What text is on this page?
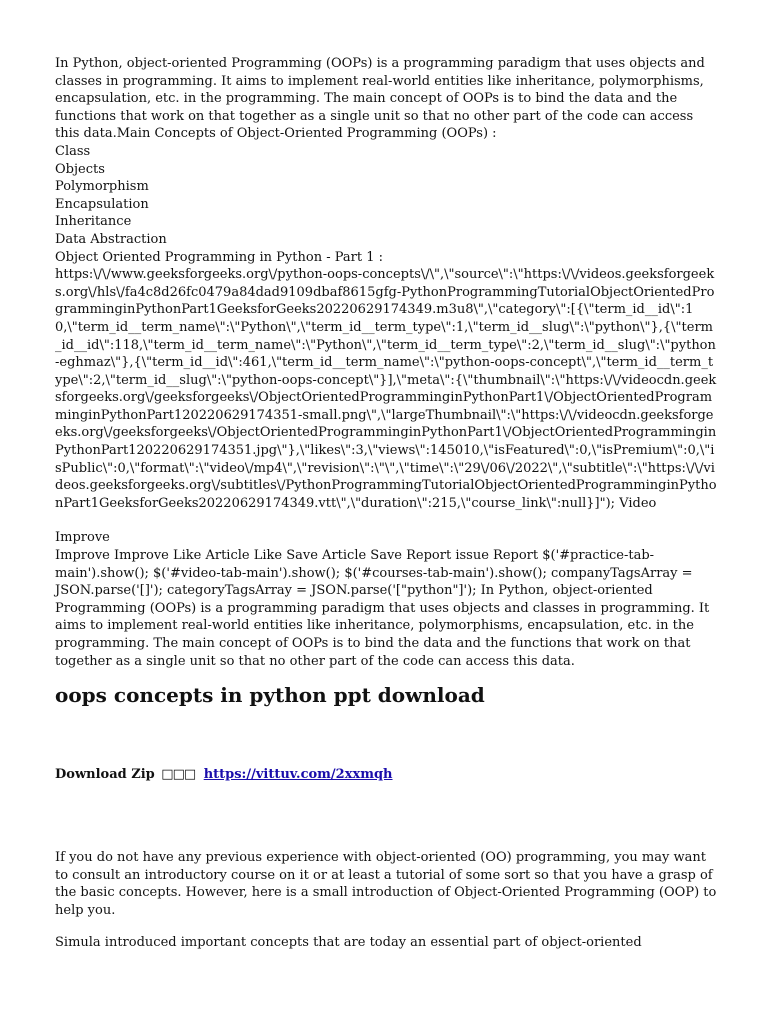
In Python, object-oriented Programming (OOPs) is a programming paradigm that uses objects and classes in programming. It aims to implement real-world entities like inheritance, polymorphisms, encapsulation, etc. in the programming. The main concept of OOPs is to bind the data and the functions that work on that together as a single unit so that no other part of the code can access this data.Main Concepts of Object-Oriented Programming (OOPs) :

Class
Objects
Polymorphism
Encapsulation
Inheritance
Data Abstraction

Object Oriented Programming in Python - Part 1 :

https:\/\/www.geeksforgeeks.org\/python-oops-concepts\/\",\"source\":\"https:\/\/videos.geeksforgeeks.org\/hls\/fa4c8d26fc0479a84dad9109dbaf8615gfg-PythonProgrammingTutorialObjectOrientedProgramminginPythonPart1GeeksforGeeks20220629174349.m3u8\",\"category\":[{\"term_id__id\":10,\"term_id__term_name\":\"Python\",\"term_id__term_type\":1,\"term_id__slug\":\"python\"},{\"term_id__id\":118,\"term_id__term_name\":\"Python\",\"term_id__term_type\":2,\"term_id__slug\":\"python-eghmaz\"},{\"term_id__id\":461,\"term_id__term_name\":\"python-oops-concept\",\"term_id__term_type\":2,\"term_id__slug\":\"python-oops-concept\"}],\"meta\":{\"thumbnail\":\"https:\/\/videocdn.geeksforgeeks.org\/geeksforgeeks\/ObjectOrientedProgramminginPythonPart1\/ObjectOrientedProgramminginPythonPart120220629174351-small.png\",\"largeThumbnail\":\"https:\/\/videocdn.geeksforgeeks.org\/geeksforgeeks\/ObjectOrientedProgramminginPythonPart1\/ObjectOrientedProgramminginPythonPart120220629174351.jpg\"},\"likes\":3,\"views\":145010,\"isFeatured\":0,\"isPremium\":0,\"isPublic\":0,\"format\":\"video\/mp4\",\"revision\":\"\",\"time\":\"29\/06\/2022\",\"subtitle\":\"https:\/\/videos.geeksforgeeks.org\/subtitles\/PythonProgrammingTutorialObjectOrientedProgramminginPythonPart1GeeksforGeeks20220629174349.vtt\",\"duration\":215,\"course_link\":null}]"); Video

Improve

Improve Improve Like Article Like Save Article Save Report issue Report $('#practice-tab-main').show(); $('#video-tab-main').show(); $('#courses-tab-main').show(); companyTagsArray = JSON.parse('[]'); categoryTagsArray = JSON.parse('["python"]'); In Python, object-oriented Programming (OOPs) is a programming paradigm that uses objects and classes in programming. It aims to implement real-world entities like inheritance, polymorphisms, encapsulation, etc. in the programming. The main concept of OOPs is to bind the data and the functions that work on that together as a single unit so that no other part of the code can access this data.

oops concepts in python ppt download

Download Zip □□□ https://vittuv.com/2xxmqh

If you do not have any previous experience with object-oriented (OO) programming, you may want to consult an introductory course on it or at least a tutorial of some sort so that you have a grasp of the basic concepts. However, here is a small introduction of Object-Oriented Programming (OOP) to help you.

Simula introduced important concepts that are today an essential part of object-oriented
